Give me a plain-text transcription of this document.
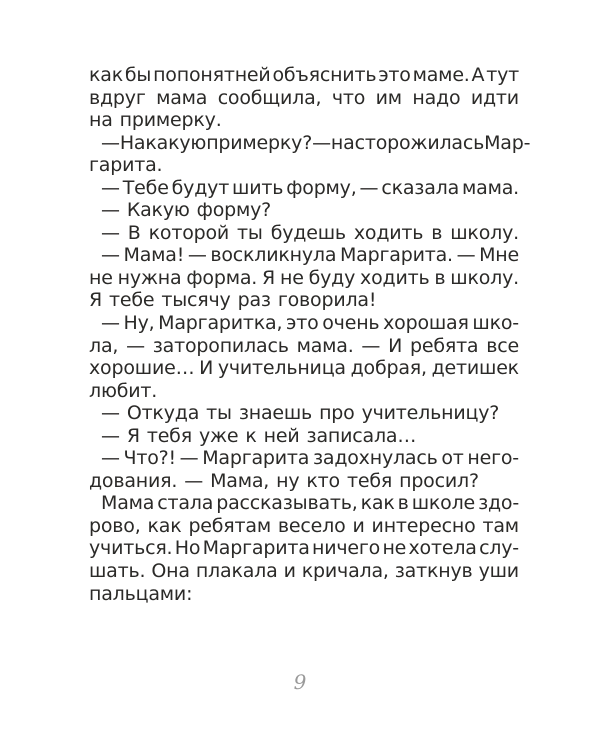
как бы попонятней объяснить это маме. А тут
вдруг мама сообщила, что им надо идти
на примерку.
— На какую примерку? — насторожилась Мар-
гарита.
— Тебе будут шить форму, — сказала мама.
— Какую форму?
— В которой ты будешь ходить в школу.
— Мама! — воскликнула Маргарита. — Мне
не нужна форма. Я не буду ходить в школу.
Я тебе тысячу раз говорила!
— Ну, Маргаритка, это очень хорошая шко-
ла, — заторопилась мама. — И ребята все
хорошие… И учительница добрая, детишек
любит.
— Откуда ты знаешь про учительницу?
— Я тебя уже к ней записала…
— Что?! — Маргарита задохнулась от него-
дования. — Мама, ну кто тебя просил?
Мама стала рассказывать, как в школе здо-
рово, как ребятам весело и интересно там
учиться. Но Маргарита ничего не хотела слу-
шать. Она плакала и кричала, заткнув уши
пальцами:
9
